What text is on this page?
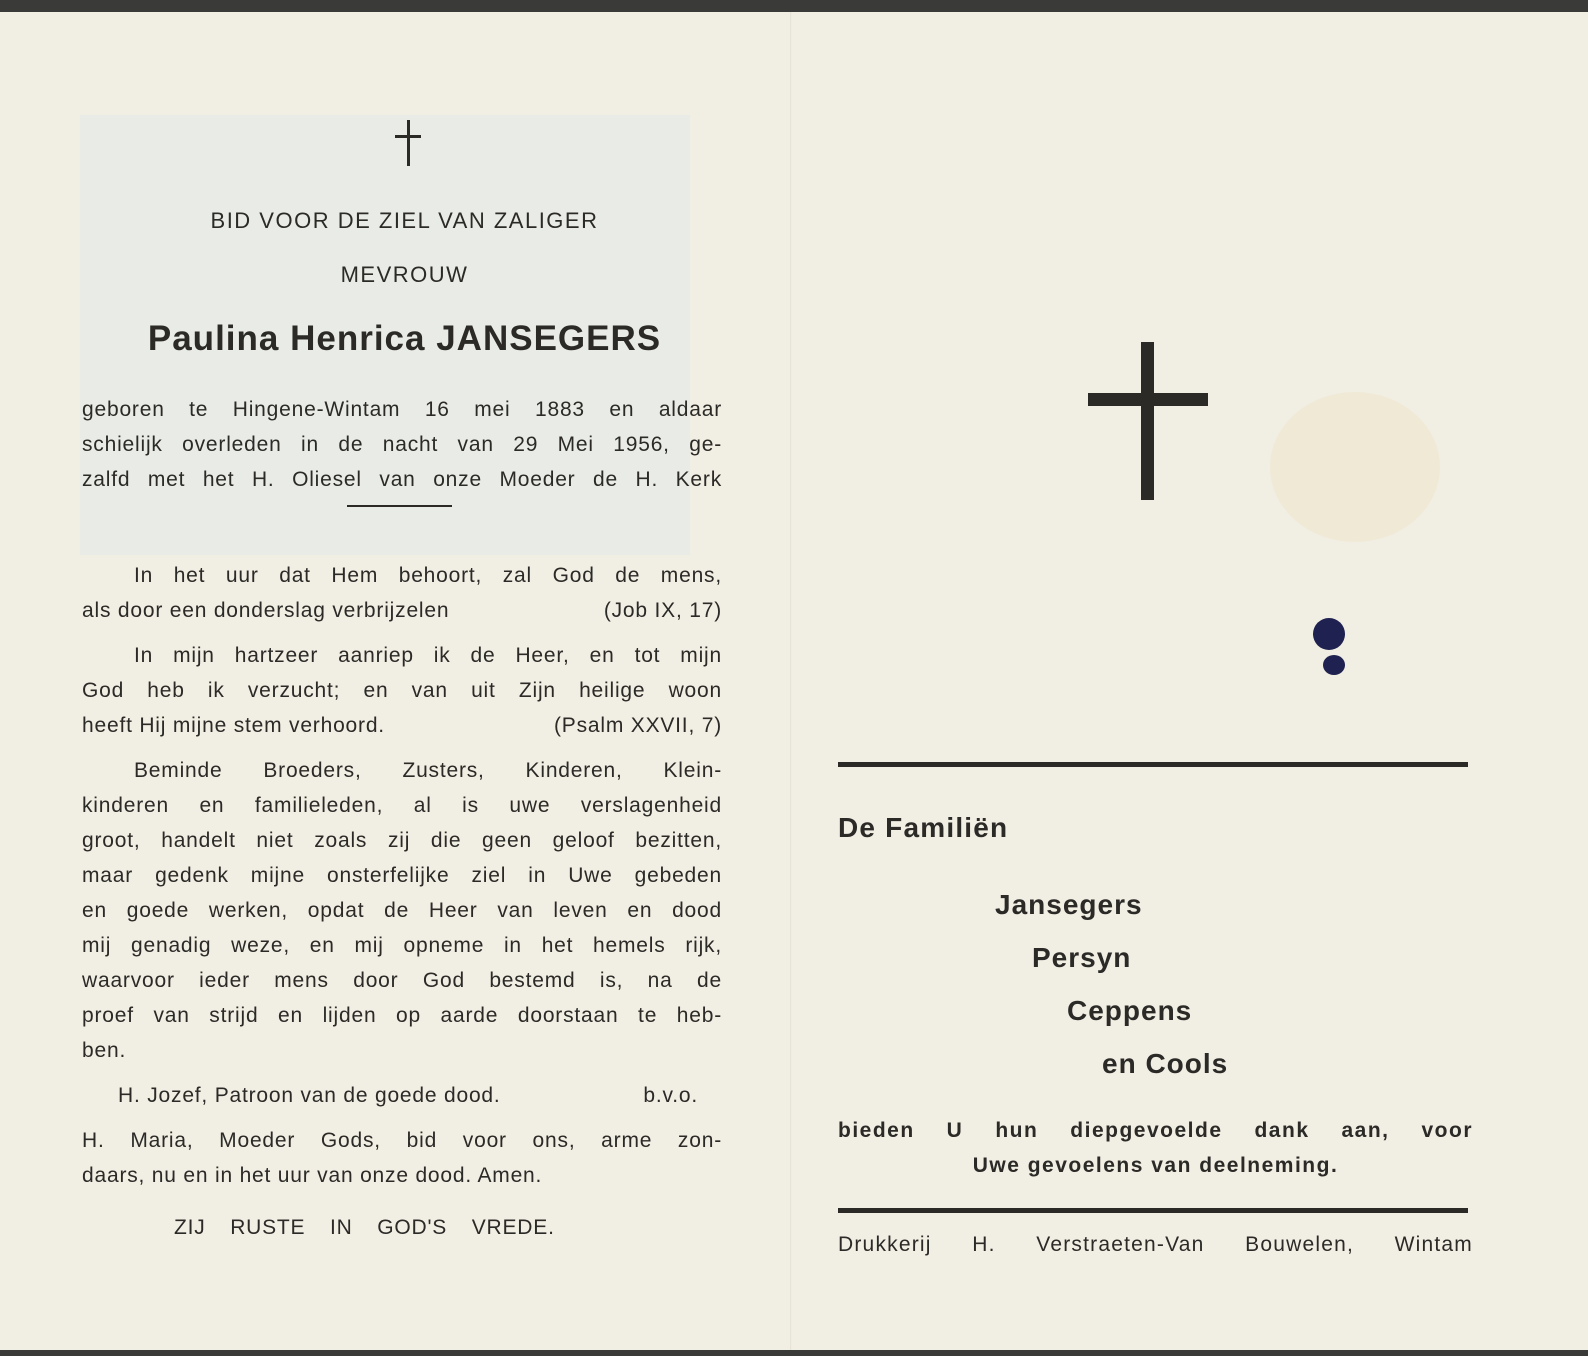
BID VOOR DE ZIEL VAN ZALIGER
MEVROUW
Paulina Henrica JANSEGERS
geboren te Hingene-Wintam 16 mei 1883 en aldaar
schielijk overleden in de nacht van 29 Mei 1956, ge-
zalfd met het H. Oliesel van onze Moeder de H. Kerk
In het uur dat Hem behoort, zal God de mens,
als door een donderslag verbrijzelen	(Job IX, 17)
In mijn hartzeer aanriep ik de Heer, en tot mijn
God heb ik verzucht; en van uit Zijn heilige woon
heeft Hij mijne stem verhoord.	(Psalm XXVII, 7)
Beminde Broeders, Zusters, Kinderen, Klein-
kinderen en familieleden, al is uwe verslagenheid
groot, handelt niet zoals zij die geen geloof bezitten,
maar gedenk mijne onsterfelijke ziel in Uwe gebeden
en goede werken, opdat de Heer van leven en dood
mij genadig weze, en mij opneme in het hemels rijk,
waarvoor ieder mens door God bestemd is, na de
proef van strijd en lijden op aarde doorstaan te heb-
ben.
H. Jozef, Patroon van de goede dood.	b.v.o.
H. Maria, Moeder Gods, bid voor ons, arme zon-
daars, nu en in het uur van onze dood. Amen.
ZIJ RUSTE IN GOD'S VREDE.
De Familiën
Jansegers
Persyn
Ceppens
en Cools
bieden U hun diepgevoelde dank aan, voor
Uwe gevoelens van deelneming.
Drukkerij H. Verstraeten-Van Bouwelen, Wintam
